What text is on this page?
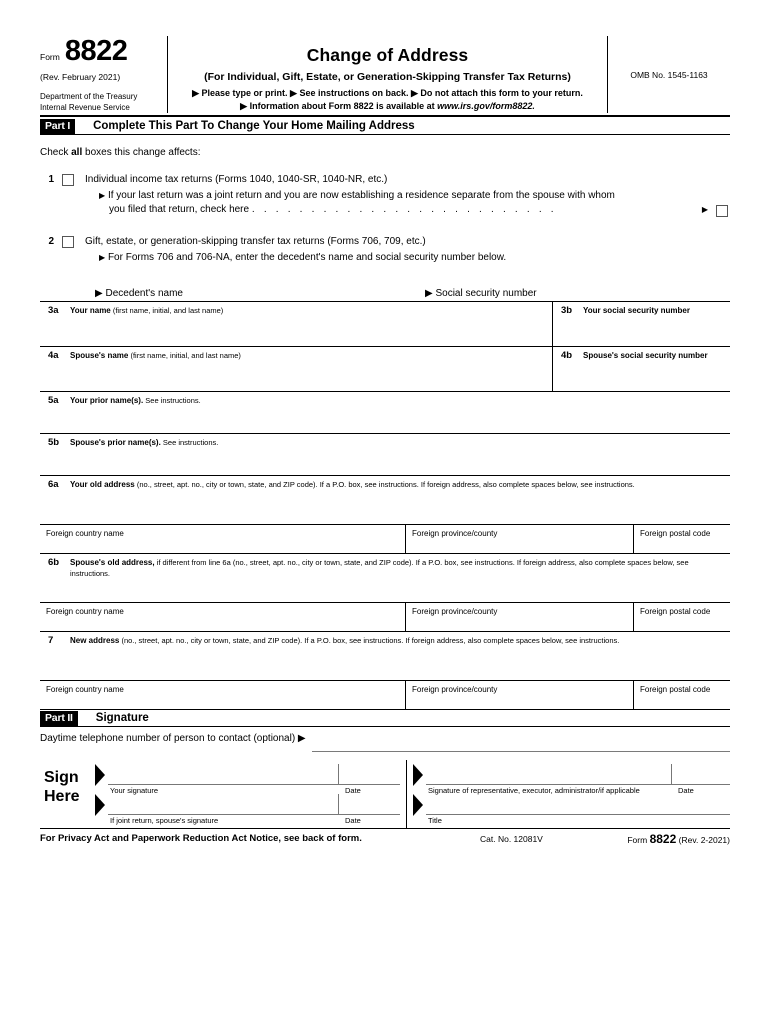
Form 8822
(Rev. February 2021)
Department of the Treasury
Internal Revenue Service
Change of Address
(For Individual, Gift, Estate, or Generation-Skipping Transfer Tax Returns)
▶ Please type or print. ▶ See instructions on back. ▶ Do not attach this form to your return.
▶ Information about Form 8822 is available at www.irs.gov/form8822.
OMB No. 1545-1163
Part I	Complete This Part To Change Your Home Mailing Address
Check all boxes this change affects:
1	Individual income tax returns (Forms 1040, 1040-SR, 1040-NR, etc.)
▶ If your last return was a joint return and you are now establishing a residence separate from the spouse with whom
you filed that return, check here . . . . . . . . . . . . . . . . . . . . . . . . . .	▶
2	Gift, estate, or generation-skipping transfer tax returns (Forms 706, 709, etc.)
▶ For Forms 706 and 706-NA, enter the decedent's name and social security number below.
▶ Decedent's name	▶ Social security number
3a Your name (first name, initial, and last name)	3b Your social security number
4a Spouse's name (first name, initial, and last name)	4b Spouse's social security number
5a Your prior name(s). See instructions.
5b Spouse's prior name(s). See instructions.
6a Your old address (no., street, apt. no., city or town, state, and ZIP code). If a P.O. box, see instructions. If foreign address, also complete spaces below, see instructions.
Foreign country name	Foreign province/county	Foreign postal code
6b Spouse's old address, if different from line 6a (no., street, apt. no., city or town, state, and ZIP code). If a P.O. box, see instructions. If foreign address, also complete spaces below, see instructions.
Foreign country name	Foreign province/county	Foreign postal code
7 New address (no., street, apt. no., city or town, state, and ZIP code). If a P.O. box, see instructions. If foreign address, also complete spaces below, see instructions.
Foreign country name	Foreign province/county	Foreign postal code
Part II	Signature
Daytime telephone number of person to contact (optional) ▶
Sign
Here	Your signature	Date
If joint return, spouse's signature	Date
Signature of representative, executor, administrator/if applicable	Date
Title
For Privacy Act and Paperwork Reduction Act Notice, see back of form.	Cat. No. 12081V	Form 8822 (Rev. 2-2021)
